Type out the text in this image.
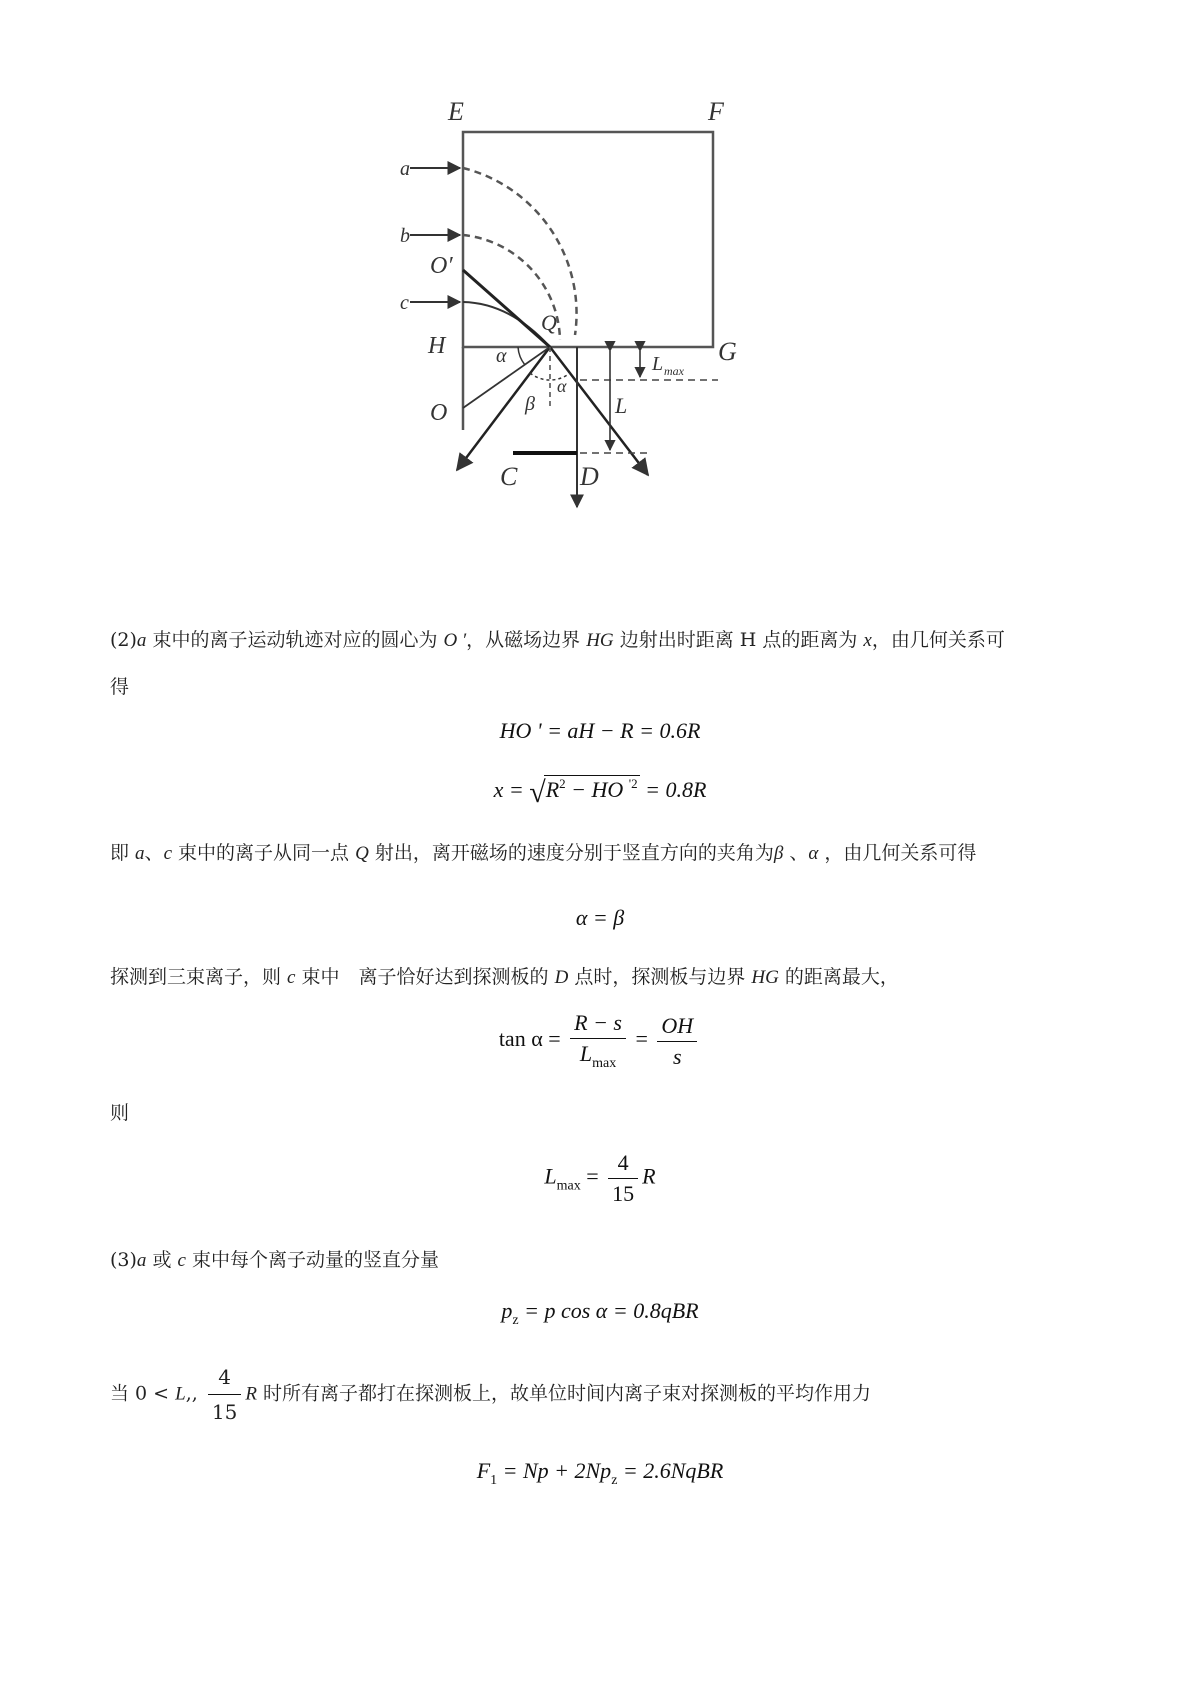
E	F
a
b
O′
c
H
Q
G
L max
α
α
β	L
O
C D
(2)a 束中的离子运动轨迹对应的圆心为 O ′，从磁场边界 HG 边射出时距离 H 点的距离为 x，由几何关系可
得
HO ' = aH − R = 0.6R
$x = √R^2$ − HO $^{'2}$ = 0.8R
即 a、c 束中的离子从同一点 Q 射出，离开磁场的速度分别于竖直方向的夹角为β 、α ，由几何关系可得
α = β
探测到三束离子，则 c 束中　离子恰好达到探测板的 D 点时，探测板与边界 HG 的距离最大，
$\tan \alpha = \frac{R - s}{L_{max}} = \frac{OH}{s}$
则
$L_{max} = \frac{4}{15}$ R
(3)a 或 c 束中每个离子动量的竖直分量
$p_z = p$ cos α = 0.8qBR
当 0 < L,, $\frac{4}{15}$ R 时所有离子都打在探测板上，故单位时间内离子束对探测板的平均作用力
$F_1 = Np + 2Np_z$ = 2.6NqBR
